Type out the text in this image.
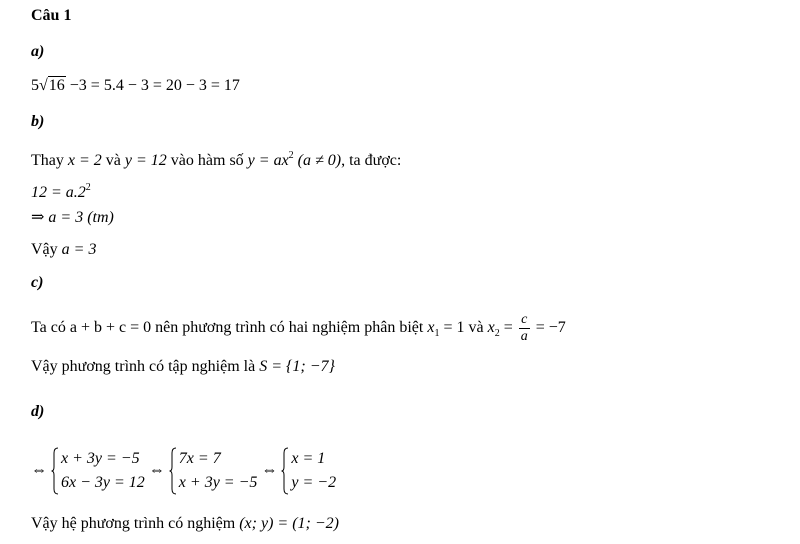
Câu 1
a)
5√16 −3 = 5.4 − 3 = 20 − 3 = 17
b)
Thay x = 2 và y = 12 vào hàm số $y = ax^2$ (a ≠ 0), ta được:
$12 = a.2^2$
⇒ a = 3 (tm)
Vậy a = 3
c)
Ta có a + b + c = 0 nên phương trình có hai nghiệm phân biệt $x_1 = 1$ và $x_2 = \frac{c}{a} = -7$
Vậy phương trình có tập nghiệm là S = {1; −7}
d)
⇔
x + 3y = −5
6x − 3y = 12
⇔
7x = 7
x + 3y = −5
⇔
x = 1
y = −2
Vậy hệ phương trình có nghiệm (x; y) = (1; −2)
